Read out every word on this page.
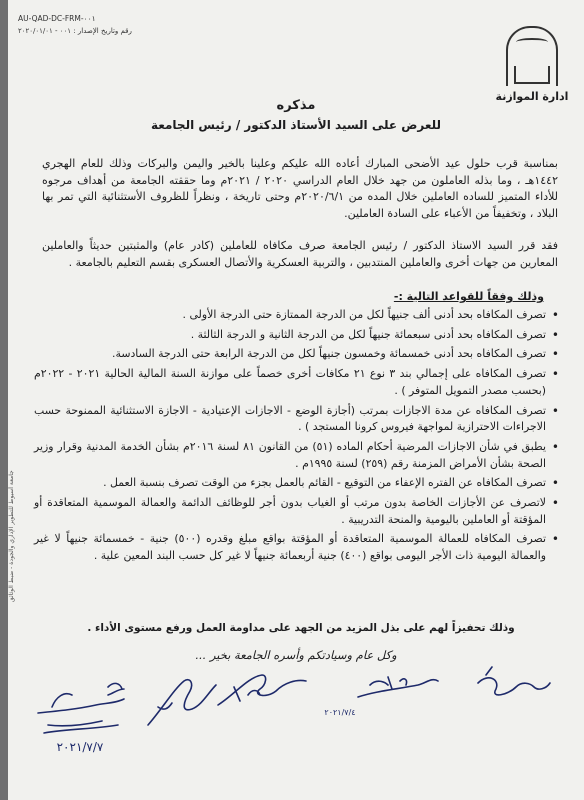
AU-QAD-DC-FRM-٠٠١
رقم وتاريخ الإصدار : ٠٠١ - ٢٠٢٠/٠١/٠١
ادارة الموازنة
مذكره
للعرض على السيد الأستاذ الدكتور / رئيس الجامعة
بمناسبة قرب حلول عيد الأضحى المبارك أعاده الله عليكم وعلينا بالخير واليمن والبركات وذلك للعام الهجري ١٤٤٢هـ ، وما بذله العاملون من جهد خلال العام الدراسي ٢٠٢٠ / ٢٠٢١م وما حققته الجامعة من أهداف مرجوه للأداء المتميز للساده العاملين خلال المده من ٢٠٢٠/٦/١م وحتى تاريخة ، ونظراً للظروف الأستثنائية التي تمر بها البلاد ، وتخفيفاً من الأعباء على السادة العاملين.
فقد قرر السيد الاستاذ الدكتور / رئيس الجامعة صرف مكافاه للعاملين (كادر عام) والمثبتين حديثاً والعاملين المعارين من جهات أخرى والعاملين المنتدبين ، والتربية العسكرية والأتصال العسكرى بقسم التعليم بالجامعة .
وذلك وفقاً للقواعد التالية :-
• تصرف المكافاه بحد أدنى ألف جنيهاً لكل من الدرجة الممتازة حتى الدرجة الأولى .
• تصرف المكافاه بحد أدنى سبعمائة جنيهاً لكل من الدرجة الثانية و الدرجة الثالثة .
• تصرف المكافاه بحد أدنى خمسمائة وخمسون جنيهاً لكل من الدرجة الرابعة حتى الدرجة السادسة.
• تصرف المكافاه على إجمالي بند ٣ نوع ٢١ مكافات أخرى خصماً على موازنة السنة المالية الحالية ٢٠٢١ - ٢٠٢٢م (بحسب مصدر التمويل المتوفر ) .
• تصرف المكافاه عن مدة الاجازات بمرتب (أجازة الوضع - الاجازات الإعتيادية - الاجازة الاستثنائية الممنوحة حسب الاجراءات الاحترازية لمواجهة فيروس كرونا المستجد ) .
• يطبق في شأن الاجازات المرضية أحكام الماده (٥١) من القانون ٨١ لسنة ٢٠١٦م بشأن الخدمة المدنية وقرار وزير الصحة بشأن الأمراض المزمنة رقم (٢٥٩) لسنة ١٩٩٥م .
• تصرف المكافاه عن الفتره الإعفاء من التوقيع - القائم بالعمل بجزء من الوقت تصرف بنسبة العمل .
• لاتصرف عن الأجازات الخاصة بدون مرتب أو الغياب بدون أجر للوظائف الدائمة والعمالة الموسمية المتعاقدة أو المؤقتة أو العاملين باليومية والمنحة التدريبية .
• تصرف المكافاه للعمالة الموسمية المتعاقدة أو المؤقتة بواقع مبلغ وقدره (٥٠٠) جنية - خمسمائة جنيهاً لا غير والعمالة اليومية ذات الأجر اليومى بواقع (٤٠٠) جنية أربعمائة جنيهاً لا غير كل حسب البند المعين علية .
وذلك تحفيزاً لهم على بذل المزيد من الجهد على مداومة العمل ورفع مستوى الأداء .
وكل عام وسيادتكم وأسره الجامعة بخير ...
جامعة أسيوط للتطوير الإداري والجودة - ضبط الوثائق
٢٠٢١/٧/٧
٢٠٢١/٧/٤
